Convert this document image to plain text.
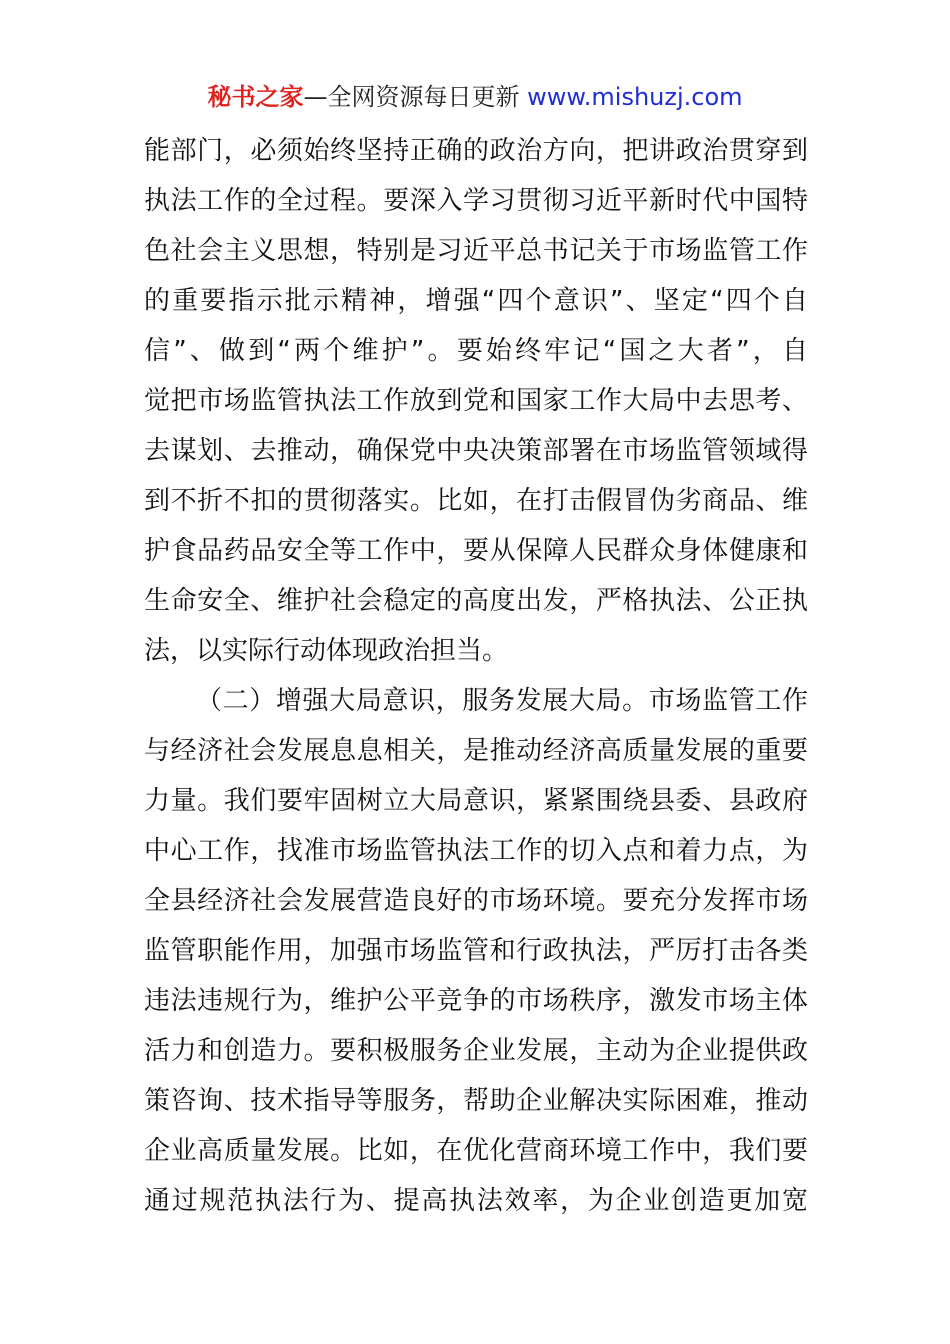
秘书之家—全网资源每日更新 www.mishuzj.com
能部门，必须始终坚持正确的政治方向，把讲政治贯穿到
执法工作的全过程。要深入学习贯彻习近平新时代中国特
色社会主义思想，特别是习近平总书记关于市场监管工作
的重要指示批示精神，增强“四个意识”、坚定“四个自
信”、做到“两个维护”。要始终牢记“国之大者”，自
觉把市场监管执法工作放到党和国家工作大局中去思考、
去谋划、去推动，确保党中央决策部署在市场监管领域得
到不折不扣的贯彻落实。比如，在打击假冒伪劣商品、维
护食品药品安全等工作中，要从保障人民群众身体健康和
生命安全、维护社会稳定的高度出发，严格执法、公正执
法，以实际行动体现政治担当。
（二）增强大局意识，服务发展大局。市场监管工作
与经济社会发展息息相关，是推动经济高质量发展的重要
力量。我们要牢固树立大局意识，紧紧围绕县委、县政府
中心工作，找准市场监管执法工作的切入点和着力点，为
全县经济社会发展营造良好的市场环境。要充分发挥市场
监管职能作用，加强市场监管和行政执法，严厉打击各类
违法违规行为，维护公平竞争的市场秩序，激发市场主体
活力和创造力。要积极服务企业发展，主动为企业提供政
策咨询、技术指导等服务，帮助企业解决实际困难，推动
企业高质量发展。比如，在优化营商环境工作中，我们要
通过规范执法行为、提高执法效率，为企业创造更加宽
